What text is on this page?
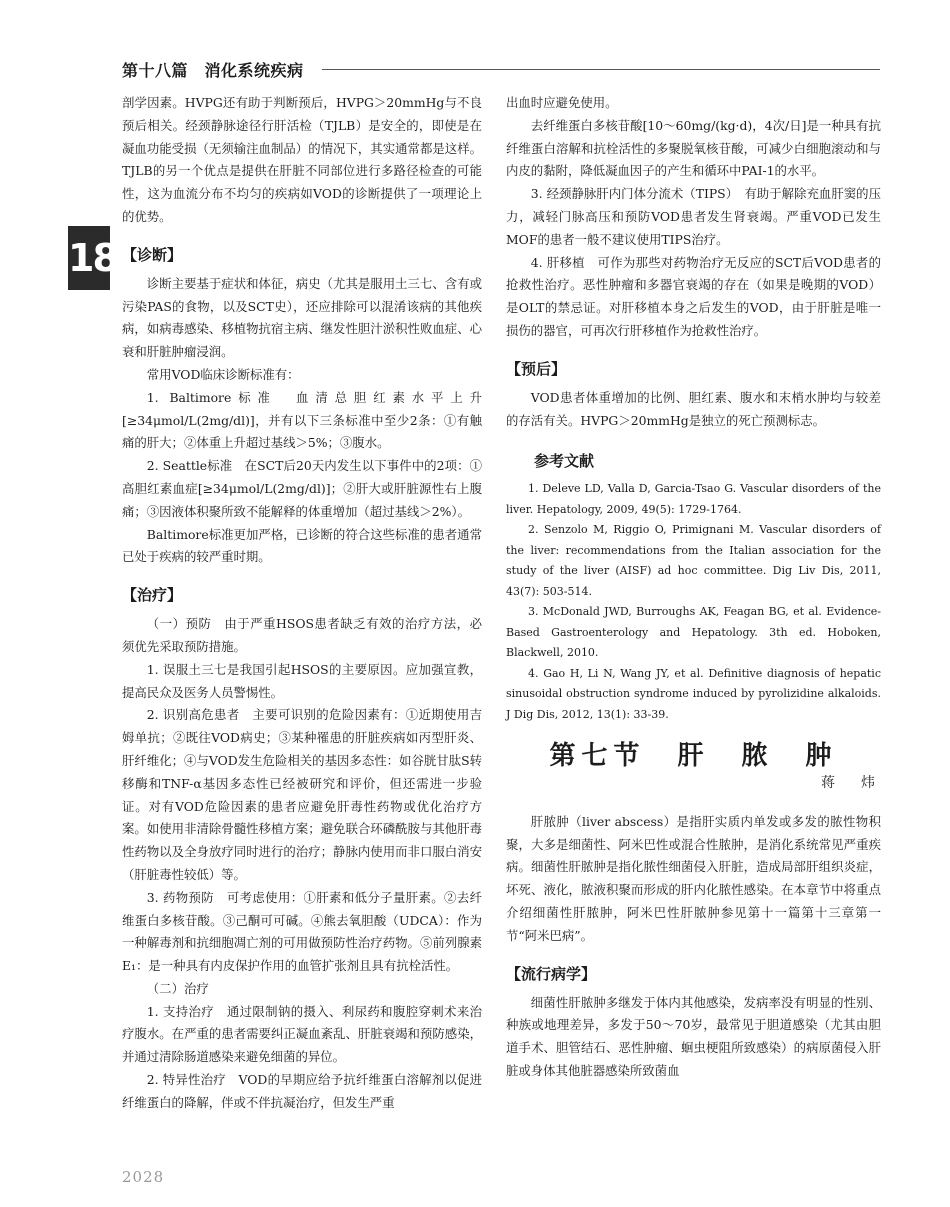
第十八篇　消化系统疾病
18

剖学因素。HVPG还有助于判断预后，HVPG＞20mmHg与不良预后相关。经颈静脉途径行肝活检（TJLB）是安全的，即使是在凝血功能受损（无须输注血制品）的情况下，其实通常都是这样。TJLB的另一个优点是提供在肝脏不同部位进行多路径检查的可能性，这为血流分布不均匀的疾病如VOD的诊断提供了一项理论上的优势。

【诊断】

诊断主要基于症状和体征，病史（尤其是服用土三七、含有或污染PAS的食物，以及SCT史），还应排除可以混淆该病的其他疾病，如病毒感染、移植物抗宿主病、继发性胆汁淤积性败血症、心衰和肝脏肿瘤浸润。

常用VOD临床诊断标准有：

1. Baltimore标准　血清总胆红素水平上升[≥34μmol/L(2mg/dl)]，并有以下三条标准中至少2条：①有触痛的肝大；②体重上升超过基线＞5%；③腹水。

2. Seattle标准　在SCT后20天内发生以下事件中的2项：①高胆红素血症[≥34μmol/L(2mg/dl)]；②肝大或肝脏源性右上腹痛；③因液体积聚所致不能解释的体重增加（超过基线＞2%）。

Baltimore标准更加严格，已诊断的符合这些标准的患者通常已处于疾病的较严重时期。

【治疗】

（一）预防　由于严重HSOS患者缺乏有效的治疗方法，必须优先采取预防措施。

1. 误服土三七是我国引起HSOS的主要原因。应加强宣教，提高民众及医务人员警惕性。

2. 识别高危患者　主要可识别的危险因素有：①近期使用吉姆单抗；②既往VOD病史；③某种罹患的肝脏疾病如丙型肝炎、肝纤维化；④与VOD发生危险相关的基因多态性：如谷胱甘肽S转移酶和TNF-α基因多态性已经被研究和评价，但还需进一步验证。对有VOD危险因素的患者应避免肝毒性药物或优化治疗方案。如使用非清除骨髓性移植方案；避免联合环磷酰胺与其他肝毒性药物以及全身放疗同时进行的治疗；静脉内使用而非口服白消安（肝脏毒性较低）等。

3. 药物预防　可考虑使用：①肝素和低分子量肝素。②去纤维蛋白多核苷酸。③己酮可可碱。④熊去氧胆酸（UDCA）：作为一种解毒剂和抗细胞凋亡剂的可用做预防性治疗药物。⑤前列腺素E₁：是一种具有内皮保护作用的血管扩张剂且具有抗栓活性。

（二）治疗

1. 支持治疗　通过限制钠的摄入、利尿药和腹腔穿刺术来治疗腹水。在严重的患者需要纠正凝血紊乱、肝脏衰竭和预防感染，并通过清除肠道感染来避免细菌的异位。

2. 特异性治疗　VOD的早期应给予抗纤维蛋白溶解剂以促进纤维蛋白的降解，伴或不伴抗凝治疗，但发生严重

出血时应避免使用。

去纤维蛋白多核苷酸[10～60mg/(kg·d)，4次/日]是一种具有抗纤维蛋白溶解和抗栓活性的多聚脱氧核苷酸，可减少白细胞滚动和与内皮的黏附，降低凝血因子的产生和循环中PAI-1的水平。

3. 经颈静脉肝内门体分流术（TIPS）　有助于解除充血肝窦的压力，减轻门脉高压和预防VOD患者发生肾衰竭。严重VOD已发生MOF的患者一般不建议使用TIPS治疗。

4. 肝移植　可作为那些对药物治疗无反应的SCT后VOD患者的抢救性治疗。恶性肿瘤和多器官衰竭的存在（如果是晚期的VOD）是OLT的禁忌证。对肝移植本身之后发生的VOD，由于肝脏是唯一损伤的器官，可再次行肝移植作为抢救性治疗。

【预后】

VOD患者体重增加的比例、胆红素、腹水和末梢水肿均与较差的存活有关。HVPG＞20mmHg是独立的死亡预测标志。

参考文献

1. Deleve LD, Valla D, Garcia-Tsao G. Vascular disorders of the liver. Hepatology, 2009, 49(5): 1729-1764.

2. Senzolo M, Riggio O, Primignani M. Vascular disorders of the liver: recommendations from the Italian association for the study of the liver (AISF) ad hoc committee. Dig Liv Dis, 2011, 43(7): 503-514.

3. McDonald JWD, Burroughs AK, Feagan BG, et al. Evidence-Based Gastroenterology and Hepatology. 3th ed. Hoboken, Blackwell, 2010.

4. Gao H, Li N, Wang JY, et al. Definitive diagnosis of hepatic sinusoidal obstruction syndrome induced by pyrolizidine alkaloids. J Dig Dis, 2012, 13(1): 33-39.

第七节　肝　脓　肿
蒋　炜

肝脓肿（liver abscess）是指肝实质内单发或多发的脓性物积聚，大多是细菌性、阿米巴性或混合性脓肿，是消化系统常见严重疾病。细菌性肝脓肿是指化脓性细菌侵入肝脏，造成局部肝组织炎症，坏死、液化，脓液积聚而形成的肝内化脓性感染。在本章节中将重点介绍细菌性肝脓肿，阿米巴性肝脓肿参见第十一篇第十三章第一节“阿米巴病”。

【流行病学】

细菌性肝脓肿多继发于体内其他感染，发病率没有明显的性别、种族或地理差异，多发于50～70岁，最常见于胆道感染（尤其由胆道手术、胆管结石、恶性肿瘤、蛔虫梗阻所致感染）的病原菌侵入肝脏或身体其他脏器感染所致菌血

2028
